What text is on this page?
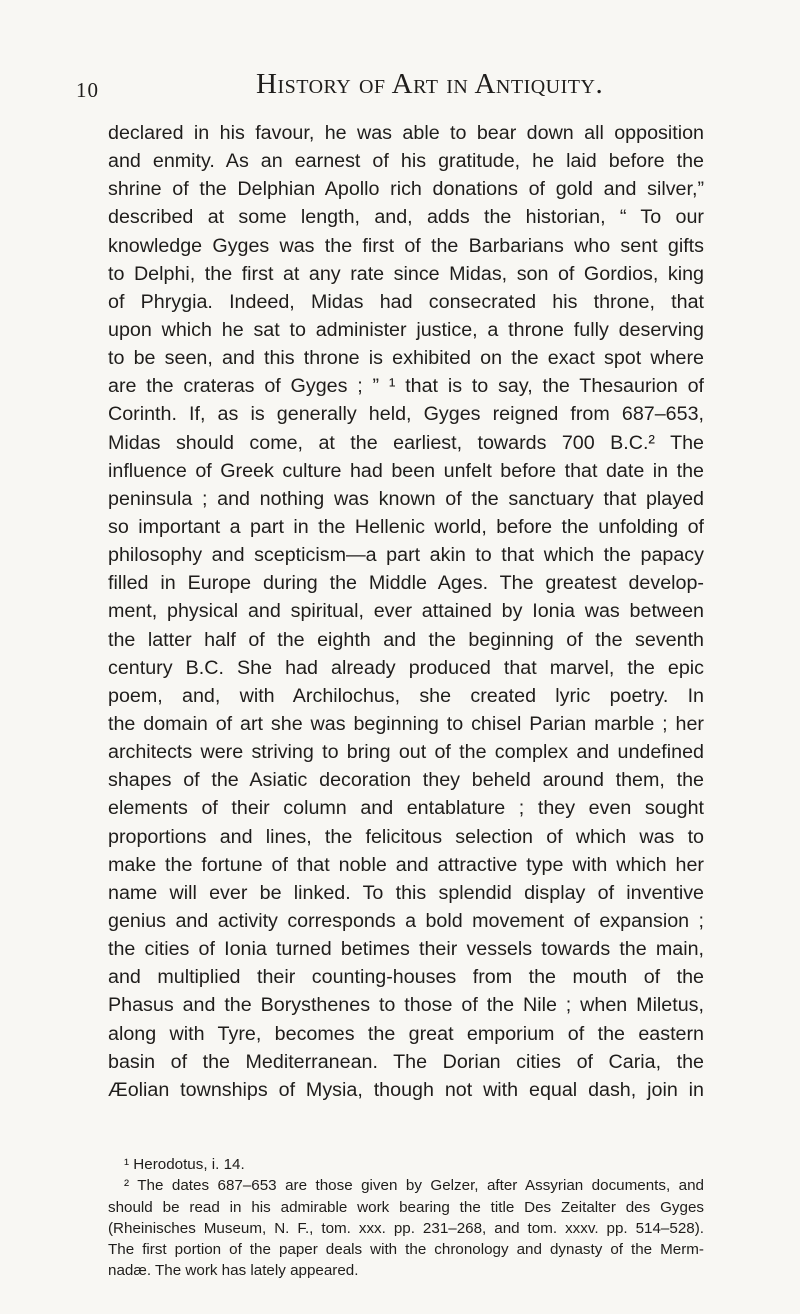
10	History of Art in Antiquity.
declared in his favour, he was able to bear down all opposition
and enmity. As an earnest of his gratitude, he laid before the
shrine of the Delphian Apollo rich donations of gold and silver,”
described at some length, and, adds the historian, “ To our
knowledge Gyges was the first of the Barbarians who sent gifts
to Delphi, the first at any rate since Midas, son of Gordios, king
of Phrygia. Indeed, Midas had consecrated his throne, that
upon which he sat to administer justice, a throne fully deserving
to be seen, and this throne is exhibited on the exact spot where
are the crateras of Gyges ; ” ¹ that is to say, the Thesaurion of
Corinth. If, as is generally held, Gyges reigned from 687–653,
Midas should come, at the earliest, towards 700 B.C.² The
influence of Greek culture had been unfelt before that date in the
peninsula ; and nothing was known of the sanctuary that played
so important a part in the Hellenic world, before the unfolding of
philosophy and scepticism—a part akin to that which the papacy
filled in Europe during the Middle Ages. The greatest develop-
ment, physical and spiritual, ever attained by Ionia was between
the latter half of the eighth and the beginning of the seventh
century B.C. She had already produced that marvel, the epic
poem, and, with Archilochus, she created lyric poetry. In
the domain of art she was beginning to chisel Parian marble ; her
architects were striving to bring out of the complex and undefined
shapes of the Asiatic decoration they beheld around them, the
elements of their column and entablature ; they even sought
proportions and lines, the felicitous selection of which was to
make the fortune of that noble and attractive type with which her
name will ever be linked. To this splendid display of inventive
genius and activity corresponds a bold movement of expansion ;
the cities of Ionia turned betimes their vessels towards the main,
and multiplied their counting-houses from the mouth of the
Phasus and the Borysthenes to those of the Nile ; when Miletus,
along with Tyre, becomes the great emporium of the eastern
basin of the Mediterranean. The Dorian cities of Caria, the
Æolian townships of Mysia, though not with equal dash, join in
¹ Herodotus, i. 14.
² The dates 687–653 are those given by Gelzer, after Assyrian documents, and
should be read in his admirable work bearing the title Des Zeitalter des Gyges
(Rheinisches Museum, N. F., tom. xxx. pp. 231–268, and tom. xxxv. pp. 514–528).
The first portion of the paper deals with the chronology and dynasty of the Merm-
nadæ. The work has lately appeared.
